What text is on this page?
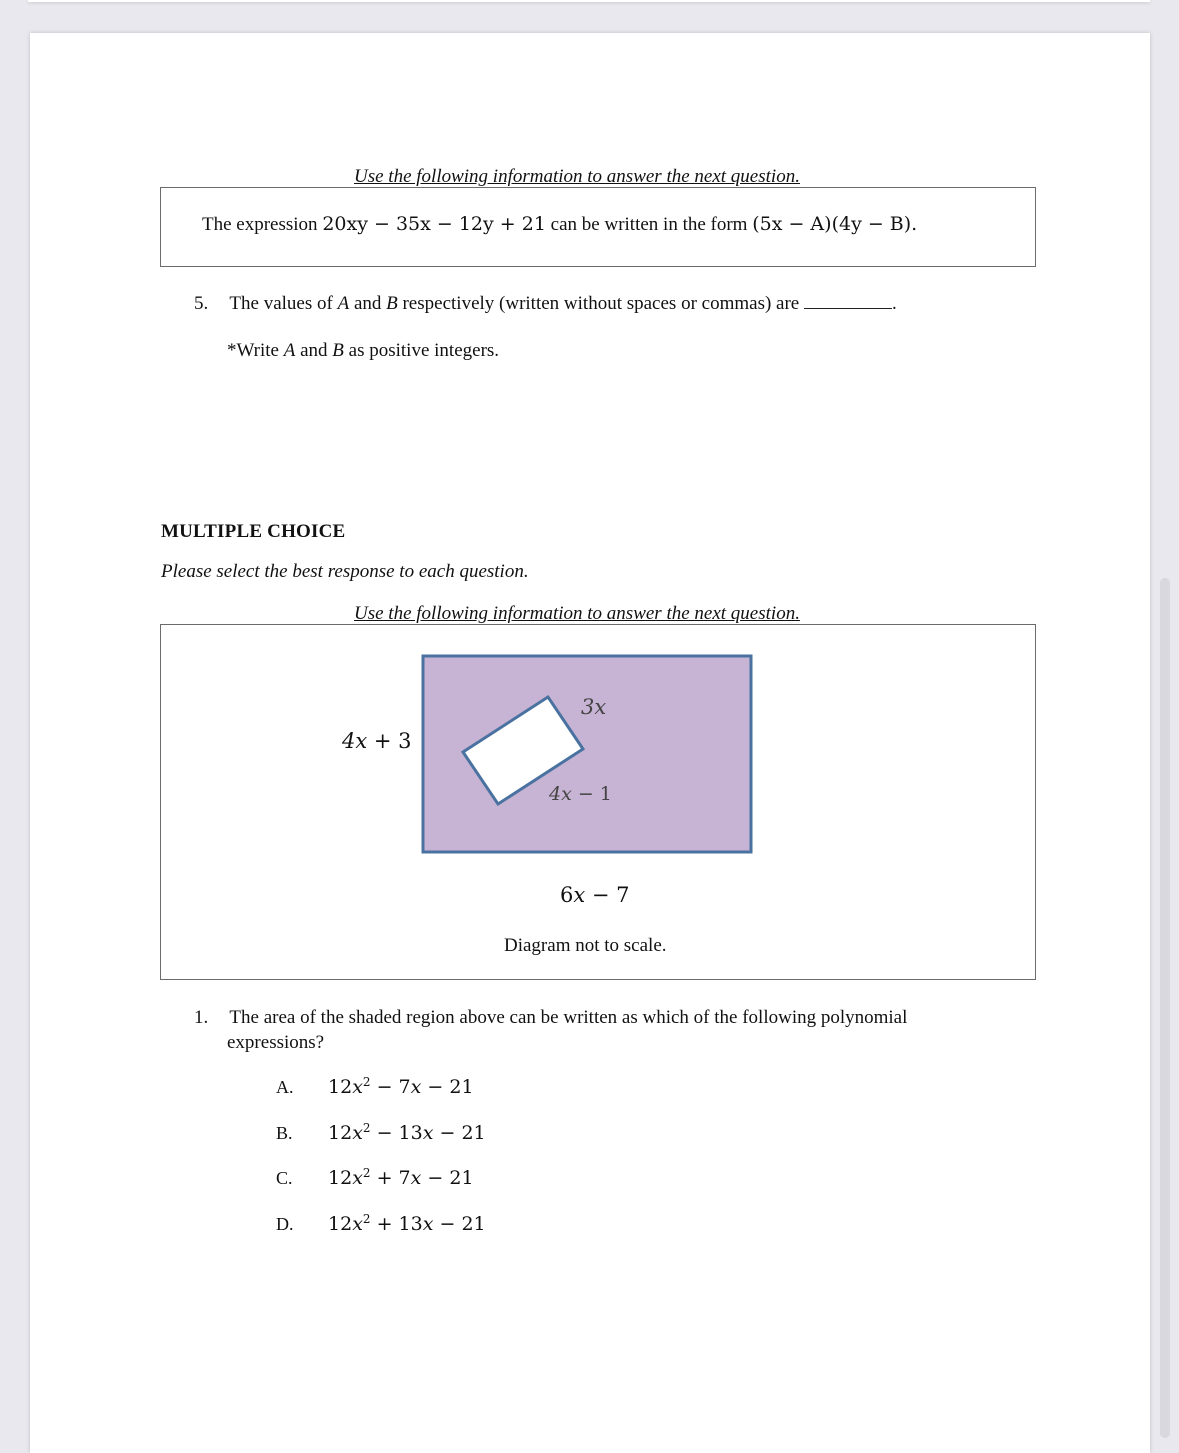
Use the following information to answer the next question.
The expression 20xy − 35x − 12y + 21 can be written in the form (5x − A)(4y − B).
5. The values of A and B respectively (written without spaces or commas) are	.
*Write A and B as positive integers.
MULTIPLE CHOICE
Please select the best response to each question.
Use the following information to answer the next question.
4x + 3
3x
4x − 1
6x − 7
Diagram not to scale.
1. The area of the shaded region above can be written as which of the following polynomial
expressions?
A. $12x^2 - 7x - 21$
B. $12x^2 - 13x - 21$
C. $12x^2 + 7x - 21$
D. $12x^2 + 13x - 21$
